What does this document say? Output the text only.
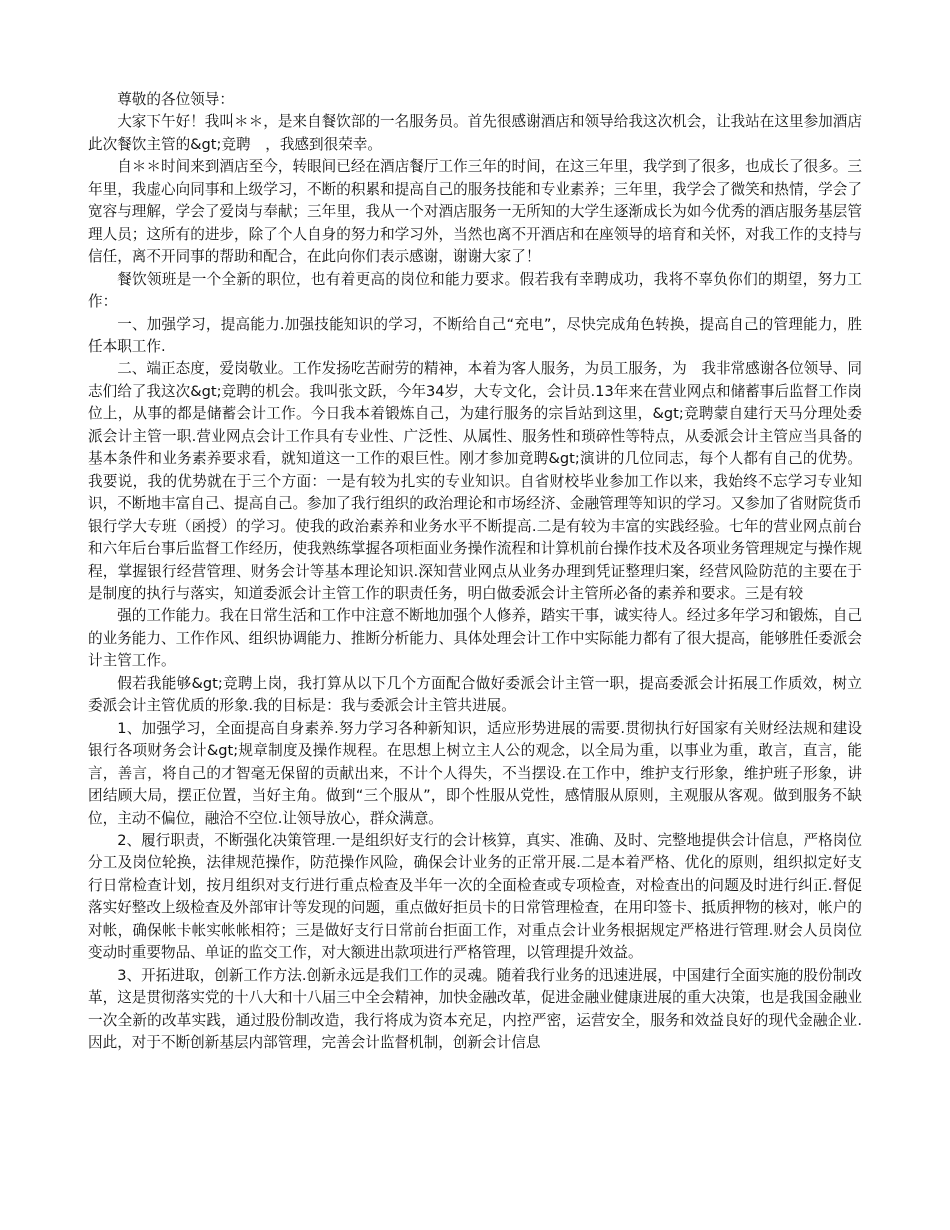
尊敬的各位领导：

大家下午好！我叫＊＊，是来自餐饮部的一名服务员。首先很感谢酒店和领导给我这次机会，让我站在这里参加酒店此次餐饮主管的&gt;竞聘　，我感到很荣幸。

自＊＊时间来到酒店至今，转眼间已经在酒店餐厅工作三年的时间，在这三年里，我学到了很多，也成长了很多。三年里，我虚心向同事和上级学习，不断的积累和提高自己的服务技能和专业素养；三年里，我学会了微笑和热情，学会了宽容与理解，学会了爱岗与奉献；三年里，我从一个对酒店服务一无所知的大学生逐渐成长为如今优秀的酒店服务基层管理人员；这所有的进步，除了个人自身的努力和学习外，当然也离不开酒店和在座领导的培育和关怀，对我工作的支持与信任，离不开同事的帮助和配合，在此向你们表示感谢，谢谢大家了！

餐饮领班是一个全新的职位，也有着更高的岗位和能力要求。假若我有幸聘成功，我将不辜负你们的期望，努力工作：

一、加强学习，提高能力.加强技能知识的学习，不断给自己“充电”，尽快完成角色转换，提高自己的管理能力，胜任本职工作.

二、端正态度，爱岗敬业。工作发扬吃苦耐劳的精神，本着为客人服务，为员工服务，为　我非常感谢各位领导、同志们给了我这次&gt;竞聘的机会。我叫张文跃，今年34岁，大专文化，会计员.13年来在营业网点和储蓄事后监督工作岗位上，从事的都是储蓄会计工作。今日我本着锻炼自己，为建行服务的宗旨站到这里，&gt;竞聘蒙自建行天马分理处委派会计主管一职.营业网点会计工作具有专业性、广泛性、从属性、服务性和琐碎性等特点，从委派会计主管应当具备的基本条件和业务素养要求看，就知道这一工作的艰巨性。刚才参加竟聘&gt;演讲的几位同志，每个人都有自己的优势。我要说，我的优势就在于三个方面：一是有较为扎实的专业知识。自省财校毕业参加工作以来，我始终不忘学习专业知识，不断地丰富自己、提高自己。参加了我行组织的政治理论和市场经济、金融管理等知识的学习。又参加了省财院货币银行学大专班（函授）的学习。使我的政治素养和业务水平不断提高.二是有较为丰富的实践经验。七年的营业网点前台和六年后台事后监督工作经历，使我熟练掌握各项柜面业务操作流程和计算机前台操作技术及各项业务管理规定与操作规程，掌握银行经营管理、财务会计等基本理论知识.深知营业网点从业务办理到凭证整理归案，经营风险防范的主要在于是制度的执行与落实，知道委派会计主管工作的职责任务，明白做委派会计主管所必备的素养和要求。三是有较

强的工作能力。我在日常生活和工作中注意不断地加强个人修养，踏实干事，诚实待人。经过多年学习和锻炼，自己的业务能力、工作作风、组织协调能力、推断分析能力、具体处理会计工作中实际能力都有了很大提高，能够胜任委派会计主管工作。

假若我能够&gt;竞聘上岗，我打算从以下几个方面配合做好委派会计主管一职，提高委派会计拓展工作质效，树立委派会计主管优质的形象.我的目标是：我与委派会计主管共进展。

1、加强学习，全面提高自身素养.努力学习各种新知识，适应形势进展的需要.贯彻执行好国家有关财经法规和建设银行各项财务会计&gt;规章制度及操作规程。在思想上树立主人公的观念，以全局为重，以事业为重，敢言，直言，能言，善言，将自己的才智毫无保留的贡献出来，不计个人得失，不当摆设.在工作中，维护支行形象，维护班子形象，讲团结顾大局，摆正位置，当好主角。做到“三个服从”，即个性服从党性，感情服从原则，主观服从客观。做到服务不缺位，主动不偏位，融洽不空位.让领导放心，群众满意。

2、履行职责，不断强化决策管理.一是组织好支行的会计核算，真实、准确、及时、完整地提供会计信息，严格岗位分工及岗位轮换，法律规范操作，防范操作风险，确保会计业务的正常开展.二是本着严格、优化的原则，组织拟定好支行日常检查计划，按月组织对支行进行重点检查及半年一次的全面检查或专项检查，对检查出的问题及时进行纠正.督促落实好整改上级检查及外部审计等发现的问题，重点做好拒员卡的日常管理检查，在用印签卡、抵质押物的核对，帐户的对帐，确保帐卡帐实帐帐相符；三是做好支行日常前台拒面工作，对重点会计业务根据规定严格进行管理.财会人员岗位变动时重要物品、单证的监交工作，对大额进出款项进行严格管理，以管理提升效益。

3、开拓进取，创新工作方法.创新永远是我们工作的灵魂。随着我行业务的迅速进展，中国建行全面实施的股份制改革，这是贯彻落实党的十八大和十八届三中全会精神，加快金融改革，促进金融业健康进展的重大决策，也是我国金融业一次全新的改革实践，通过股份制改造，我行将成为资本充足，内控严密，运营安全，服务和效益良好的现代金融企业.因此，对于不断创新基层内部管理，完善会计监督机制，创新会计信息
